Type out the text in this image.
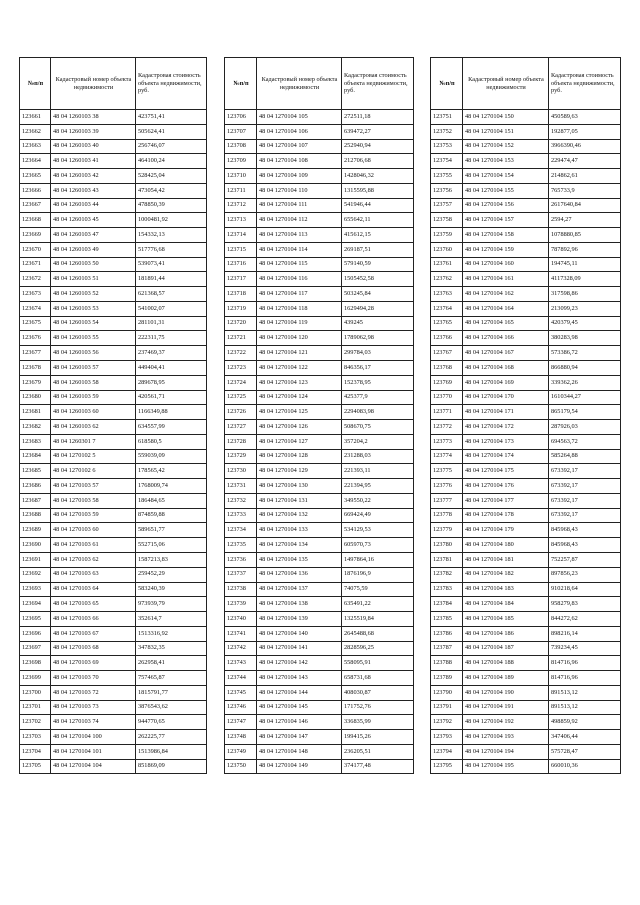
№п/п	Кадастровый номер объекта недвижимости	Кадастровая стоимость объекта недвижимости, руб.
123661	48 04 1260103 38	423751,41
123662	48 04 1260103 39	505624,41
123663	48 04 1260103 40	256746,07
123664	48 04 1260103 41	464100,24
123665	48 04 1260103 42	528425,04
123666	48 04 1260103 43	473054,42
123667	48 04 1260103 44	478850,39
123668	48 04 1260103 45	1000481,92
123669	48 04 1260103 47	154332,13
123670	48 04 1260103 49	517776,68
123671	48 04 1260103 50	539073,41
123672	48 04 1260103 51	181891,44
123673	48 04 1260103 52	621368,57
123674	48 04 1260103 53	541002,07
123675	48 04 1260103 54	281101,31
123676	48 04 1260103 55	222311,75
123677	48 04 1260103 56	237469,37
123678	48 04 1260103 57	449404,41
123679	48 04 1260103 58	289678,95
123680	48 04 1260103 59	420561,71
123681	48 04 1260103 60	1166349,88
123682	48 04 1260103 62	634557,99
123683	48 04 1260301 7	618580,5
123684	48 04 1270102 5	559039,09
123685	48 04 1270102 6	178565,42
123686	48 04 1270103 57	1768009,74
123687	48 04 1270103 58	186484,65
123688	48 04 1270103 59	874859,88
123689	48 04 1270103 60	589651,77
123690	48 04 1270103 61	552715,06
123691	48 04 1270103 62	1587213,83
123692	48 04 1270103 63	259452,29
123693	48 04 1270103 64	583240,39
123694	48 04 1270103 65	973939,79
123695	48 04 1270103 66	352614,7
123696	48 04 1270103 67	1513316,92
123697	48 04 1270103 68	347832,35
123698	48 04 1270103 69	262958,41
123699	48 04 1270103 70	757465,87
123700	48 04 1270103 72	1815791,77
123701	48 04 1270103 73	3876543,62
123702	48 04 1270103 74	944770,65
123703	48 04 1270104 100	262225,77
123704	48 04 1270104 101	1513986,84
123705	48 04 1270104 104	851869,09
№п/п	Кадастровый номер объекта недвижимости	Кадастровая стоимость объекта недвижимости, руб.
123706	48 04 1270104 105	272511,18
123707	48 04 1270104 106	639472,27
123708	48 04 1270104 107	252940,94
123709	48 04 1270104 108	212706,68
123710	48 04 1270104 109	1428046,32
123711	48 04 1270104 110	1315595,88
123712	48 04 1270104 111	541946,44
123713	48 04 1270104 112	655642,11
123714	48 04 1270104 113	415612,15
123715	48 04 1270104 114	269187,51
123716	48 04 1270104 115	579140,59
123717	48 04 1270104 116	1505452,58
123718	48 04 1270104 117	503245,84
123719	48 04 1270104 118	1629494,28
123720	48 04 1270104 119	439245
123721	48 04 1270104 120	1789062,98
123722	48 04 1270104 121	299784,03
123723	48 04 1270104 122	846356,17
123724	48 04 1270104 123	152378,95
123725	48 04 1270104 124	425377,9
123726	48 04 1270104 125	2294083,98
123727	48 04 1270104 126	508670,75
123728	48 04 1270104 127	357204,2
123729	48 04 1270104 128	231288,03
123730	48 04 1270104 129	221393,11
123731	48 04 1270104 130	221394,95
123732	48 04 1270104 131	349550,22
123733	48 04 1270104 132	669424,49
123734	48 04 1270104 133	534129,53
123735	48 04 1270104 134	605970,73
123736	48 04 1270104 135	1497864,16
123737	48 04 1270104 136	1876196,9
123738	48 04 1270104 137	74075,59
123739	48 04 1270104 138	635491,22
123740	48 04 1270104 139	1325519,84
123741	48 04 1270104 140	2645488,68
123742	48 04 1270104 141	2828596,25
123743	48 04 1270104 142	558095,91
123744	48 04 1270104 143	658731,68
123745	48 04 1270104 144	408030,87
123746	48 04 1270104 145	171752,76
123747	48 04 1270104 146	336835,99
123748	48 04 1270104 147	199415,26
123749	48 04 1270104 148	236205,51
123750	48 04 1270104 149	374177,48
№п/п	Кадастровый номер объекта недвижимости	Кадастровая стоимость объекта недвижимости, руб.
123751	48 04 1270104 150	450589,63
123752	48 04 1270104 151	192877,05
123753	48 04 1270104 152	3966390,46
123754	48 04 1270104 153	229474,47
123755	48 04 1270104 154	214862,61
123756	48 04 1270104 155	765733,9
123757	48 04 1270104 156	2617640,84
123758	48 04 1270104 157	2594,27
123759	48 04 1270104 158	1078880,85
123760	48 04 1270104 159	787892,96
123761	48 04 1270104 160	194745,11
123762	48 04 1270104 161	4117328,09
123763	48 04 1270104 162	317598,86
123764	48 04 1270104 164	213099,23
123765	48 04 1270104 165	420379,45
123766	48 04 1270104 166	380283,98
123767	48 04 1270104 167	573386,72
123768	48 04 1270104 168	866880,94
123769	48 04 1270104 169	339362,26
123770	48 04 1270104 170	1610344,27
123771	48 04 1270104 171	865179,54
123772	48 04 1270104 172	287926,03
123773	48 04 1270104 173	694563,72
123774	48 04 1270104 174	585264,88
123775	48 04 1270104 175	673392,17
123776	48 04 1270104 176	673392,17
123777	48 04 1270104 177	673392,17
123778	48 04 1270104 178	673392,17
123779	48 04 1270104 179	845968,43
123780	48 04 1270104 180	845968,43
123781	48 04 1270104 181	752257,87
123782	48 04 1270104 182	897856,23
123783	48 04 1270104 183	910218,64
123784	48 04 1270104 184	958279,83
123785	48 04 1270104 185	844272,62
123786	48 04 1270104 186	898216,14
123787	48 04 1270104 187	739234,45
123788	48 04 1270104 188	814716,96
123789	48 04 1270104 189	814716,96
123790	48 04 1270104 190	891513,12
123791	48 04 1270104 191	891513,12
123792	48 04 1270104 192	498859,92
123793	48 04 1270104 193	347406,44
123794	48 04 1270104 194	575728,47
123795	48 04 1270104 195	660010,36
